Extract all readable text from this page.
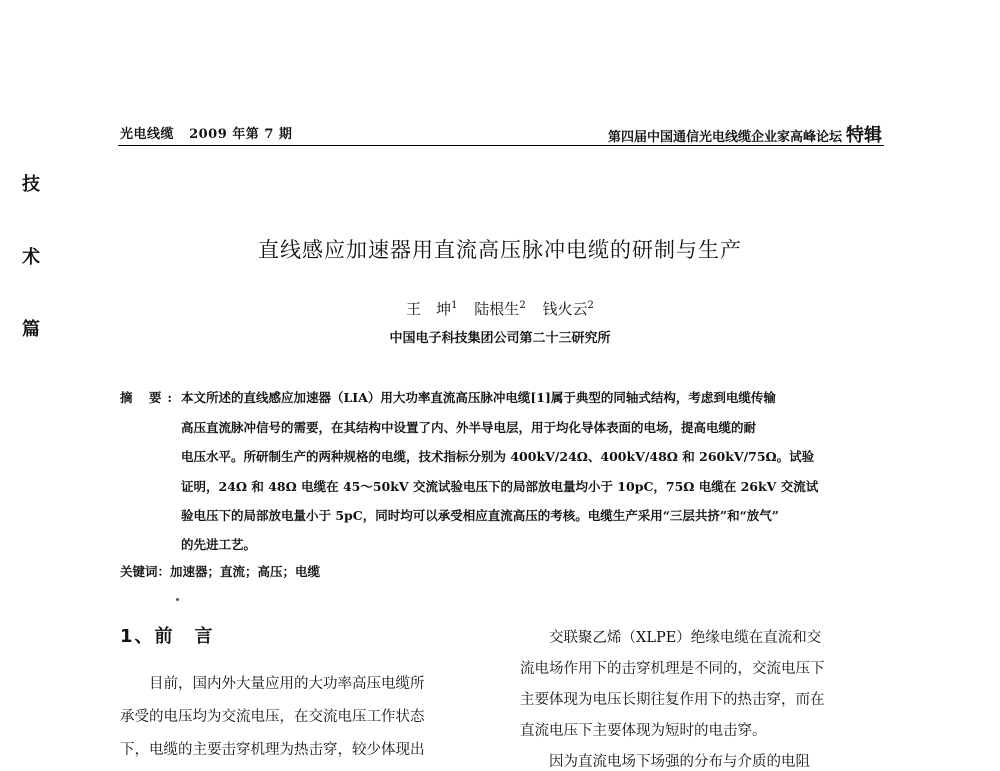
光电线缆 2009 年第 7 期	第四届中国通信光电线缆企业家高峰论坛 特辑
技
术
篇
直线感应加速器用直流高压脉冲电缆的研制与生产
王　坤$^1$ 陆根生$^2$ 钱火云$^2$
中国电子科技集团公司第二十三研究所
摘 要: 本文所述的直线感应加速器（LIA）用大功率直流高压脉冲电缆[1]属于典型的同轴式结构，考虑到电缆传输
高压直流脉冲信号的需要，在其结构中设置了内、外半导电层，用于均化导体表面的电场，提高电缆的耐
电压水平。所研制生产的两种规格的电缆，技术指标分别为 400kV/24Ω、400kV/48Ω 和 260kV/75Ω。试验
证明，24Ω 和 48Ω 电缆在 45～50kV 交流试验电压下的局部放电量均小于 10pC，75Ω 电缆在 26kV 交流试
验电压下的局部放电量小于 5pC，同时均可以承受相应直流高压的考核。电缆生产采用“三层共挤”和“放气”
的先进工艺。
关键词：加速器；直流；高压；电缆
1、前　言
　　目前，国内外大量应用的大功率高压电缆所
承受的电压均为交流电压，在交流电压工作状态
下，电缆的主要击穿机理为热击穿，较少体现出
　　交联聚乙烯（XLPE）绝缘电缆在直流和交
流电场作用下的击穿机理是不同的，交流电压下
主要体现为电压长期往复作用下的热击穿，而在
直流电压下主要体现为短时的电击穿。
　　因为直流电场下场强的分布与介质的电阻
